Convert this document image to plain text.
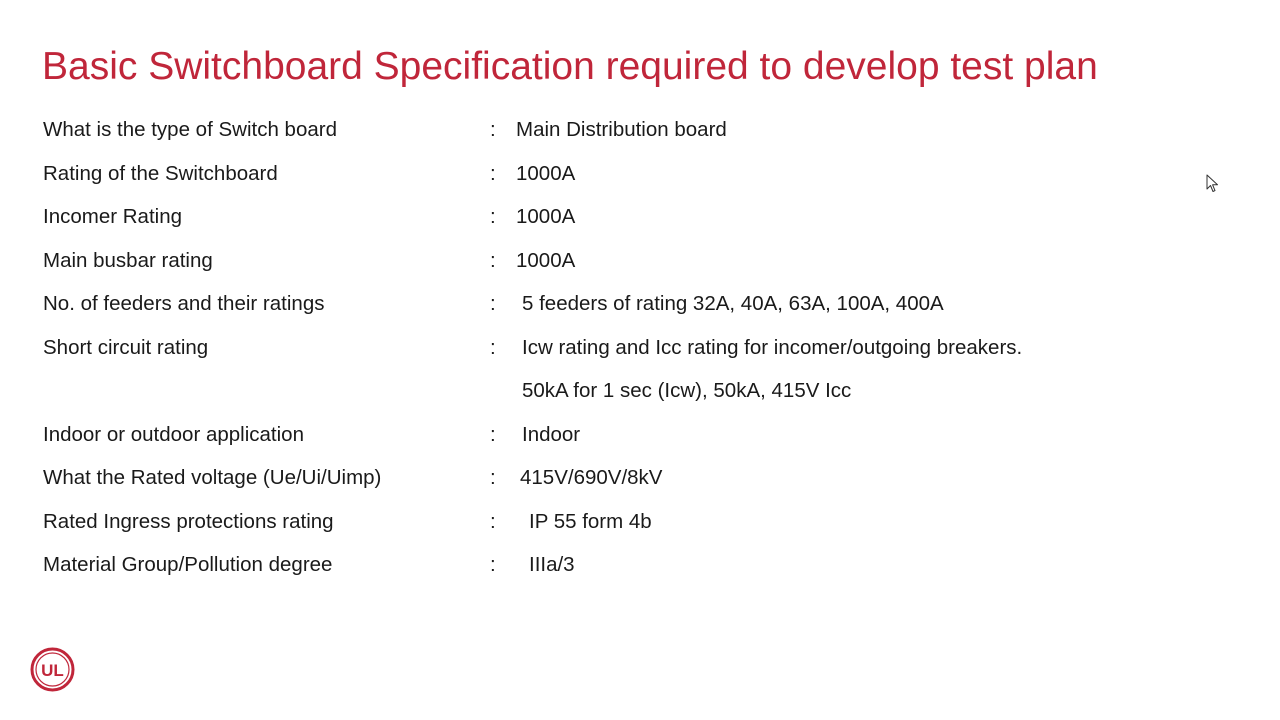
Basic Switchboard Specification required to develop test plan
What is the type of Switch board	: Main Distribution board
Rating of the Switchboard	: 1000A
Incomer Rating	: 1000A
Main busbar rating	: 1000A
No. of feeders and their ratings	: 5 feeders of rating 32A, 40A, 63A, 100A, 400A
Short circuit rating	: Icw rating and Icc rating for incomer/outgoing breakers.
50kA for 1 sec (Icw), 50kA, 415V Icc
Indoor or outdoor application	: Indoor
What the Rated voltage (Ue/Ui/Uimp)	: 415V/690V/8kV
Rated Ingress protections rating	: IP 55 form 4b
Material Group/Pollution degree	: IIIa/3
UL
